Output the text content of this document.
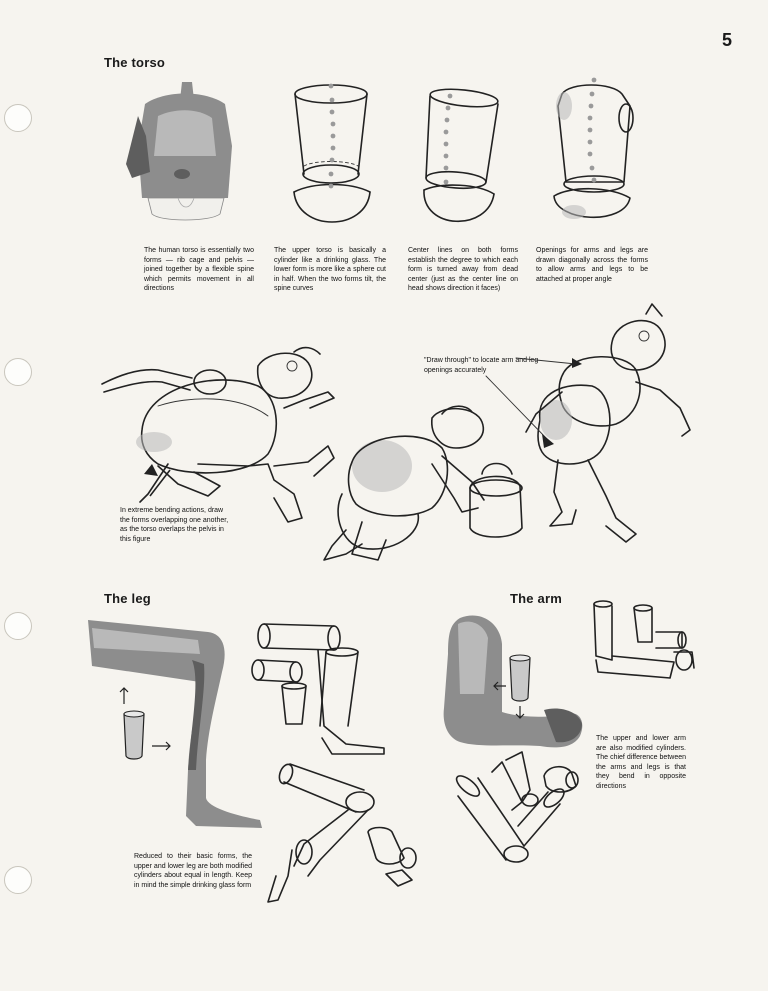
5
The torso
The human torso is essentially two forms — rib cage and pelvis — joined together by a flexible spine which permits movement in all directions
The upper torso is basically a cylinder like a drinking glass. The lower form is more like a sphere cut in half. When the two forms tilt, the spine curves
Center lines on both forms establish the degree to which each form is turned away from dead center (just as the center line on head shows direction it faces)
Openings for arms and legs are drawn diagonally across the forms to allow arms and legs to be attached at proper angle
In extreme bending actions, draw the forms overlapping one another, as the torso overlaps the pelvis in this figure
"Draw through" to locate arm and leg openings accurately
The leg
Reduced to their basic forms, the upper and lower leg are both modified cylinders about equal in length. Keep in mind the simple drinking glass form
The arm
The upper and lower arm are also modified cylinders. The chief difference between the arms and legs is that they bend in opposite directions
